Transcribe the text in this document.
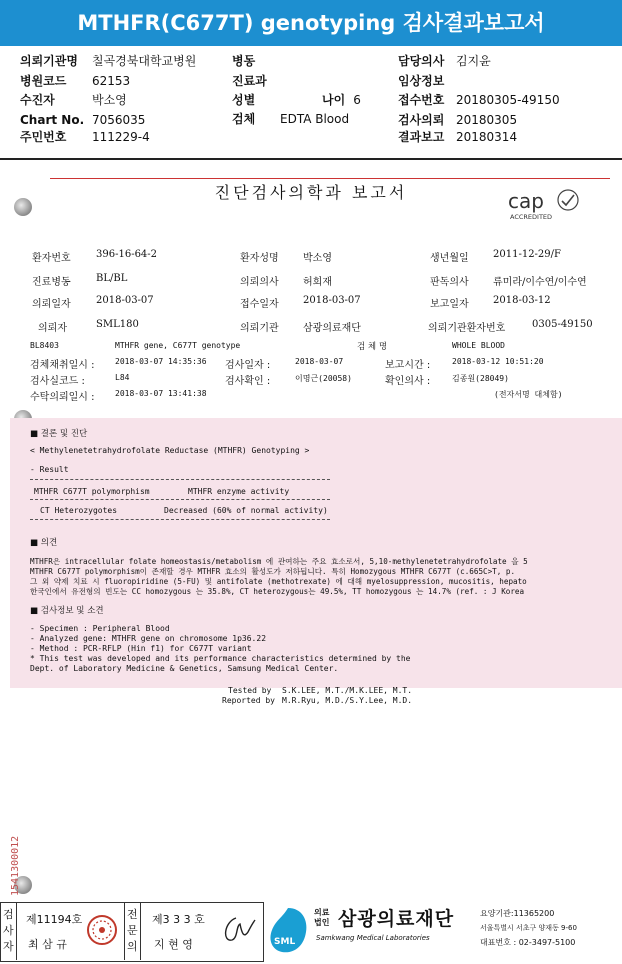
MTHFR(C677T) genotyping 검사결과보고서
의뢰기관명 칠곡경북대학교병원
병원코드 62153
수진자	박소영
Chart No. 7056035
주민번호 111229-4
병동
진료과
성별	나이 6
검체 EDTA Blood
담당의사 김지윤
임상정보
접수번호 20180305-49150
검사의뢰 20180305
결과보고 20180314
진단검사의학과 보고서	cap
ACCREDITED
환자번호	396-16-64-2	환자성명 박소영	생년월일 2011-12-29/F
진료병동	BL/BL	의뢰의사 허희재	판독의사 류미라/이수연/이수연
의뢰일자	2018-03-07	접수일자 2018-03-07	보고일자 2018-03-12
의뢰자	SML180	의뢰기관 삼광의료재단	의뢰기관환자번호	0305-49150
BL8403	MTHFR gene, C677T genotype	검 체 명	WHOLE BLOOD
검체채취일시 :	2018-03-07 14:35:36 검사일자 :	2018-03-07	보고시간 :	2018-03-12 10:51:20
검사실코드 :	L84	검사확인 :	이명근(20058)	확인의사 :	김종원(28049)
수탁의뢰일시 :	2018-03-07 13:41:38	(전자서명 대체함)
■ 결론 및 진단
< Methylenetetrahydrofolate Reductase (MTHFR) Genotyping >
- Result
MTHFR C677T polymorphism	MTHFR enzyme activity
CT Heterozygotes	Decreased (60% of normal activity)
■ 의견
MTHFR은 intracellular folate homeostasis/metabolism 에 관여하는 주요 효소로서, 5,10-methylenetetrahydrofolate 을 5
MTHFR C677T polymorphism이 존재할 경우 MTHFR 효소의 활성도가 저하됩니다. 특히 Homozygous MTHFR C677T (c.665C>T, p.
그 외 약제 치료 시 fluoropiridine (5-FU) 및 antifolate (methotrexate) 에 대해 myelosuppression, mucositis, hepato
한국인에서 유전형의 빈도는 CC homozygous 는 35.8%, CT heterozygous는 49.5%, TT homozygous 는 14.7% (ref. : J Korea
■ 검사정보 및 소견
- Specimen : Peripheral Blood
- Analyzed gene: MTHFR gene on chromosome 1p36.22
- Method : PCR-RFLP (Hin f1) for C677T variant
* This test was developed and its performance characteristics determined by the
Dept. of Laboratory Medicine & Genetics, Samsung Medical Center.
Tested by S.K.LEE, M.T./M.K.LEE, M.T.
Reported by M.R.Ryu, M.D./S.Y.Lee, M.D.
1541300012
검
사
자
제11194호
최 삼 규
전
문
의
제3 3 3 호
지 현 영	SML
의료
법인 삼광의료재단
Samkwang Medical Laboratories
요양기관:11365200
서울특별시 서초구 양재동 9-60
대표번호 : 02-3497-5100
